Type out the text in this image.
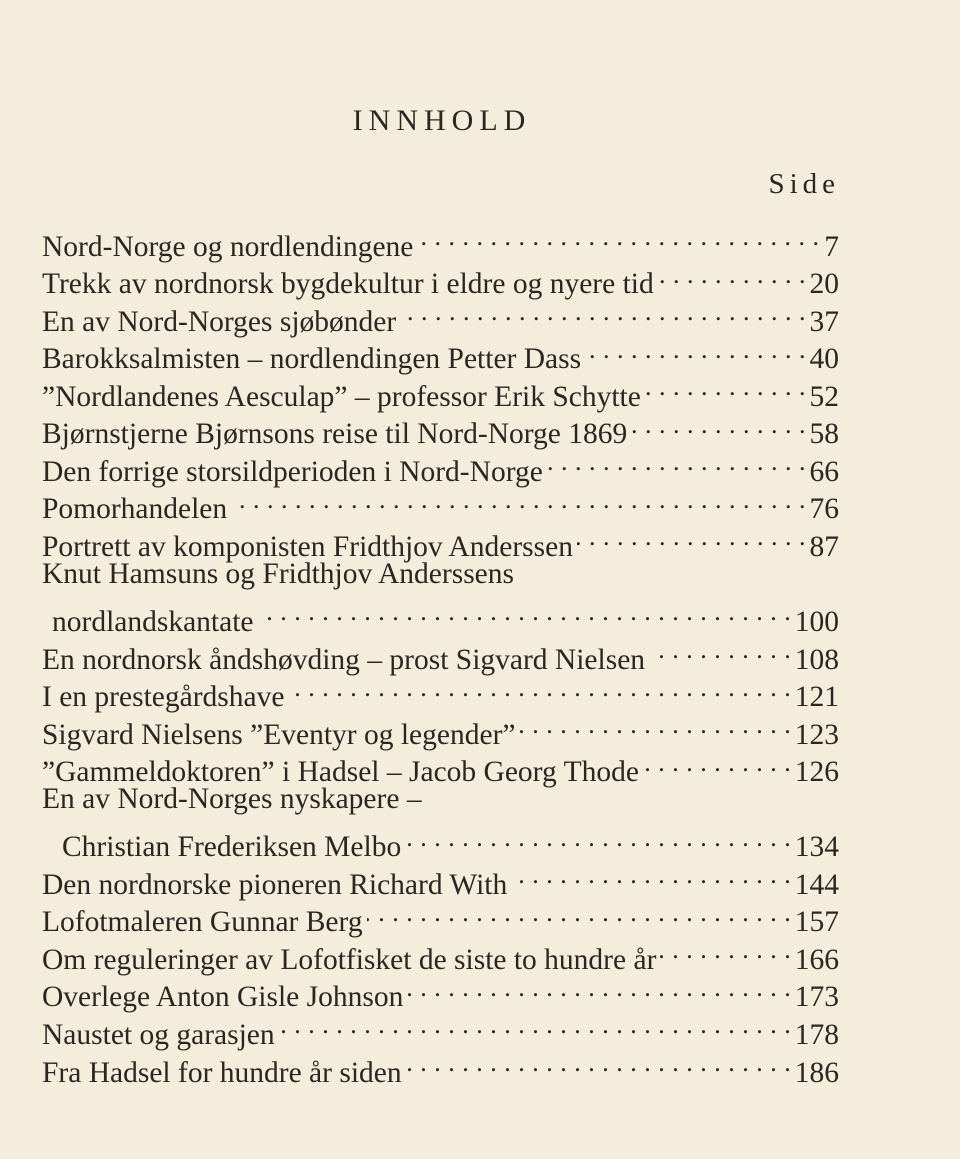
INNHOLD
Side
Nord-Norge og nordlendingene . . .	7
Trekk av nordnorsk bygdekultur i eldre og nyere tid . . .	20
En av Nord-Norges sjøbønder . . .	37
Barokksalmisten – nordlendingen Petter Dass . . .	40
”Nordlandenes Aesculap” – professor Erik Schytte . . .	52
Bjørnstjerne Bjørnsons reise til Nord-Norge 1869 . . .	58
Den forrige storsildperioden i Nord-Norge . . .	66
Pomorhandelen . . .	76
Portrett av komponisten Fridthjov Anderssen . . .	87
Knut Hamsuns og Fridthjov Anderssens
nordlandskantate . . .	100
En nordnorsk åndshøvding – prost Sigvard Nielsen . . .	108
I en prestegårdshave . . .	121
Sigvard Nielsens ”Eventyr og legender” . . .	123
”Gammeldoktoren” i Hadsel – Jacob Georg Thode . . .	126
En av Nord-Norges nyskapere –
Christian Frederiksen Melbo . . .	134
Den nordnorske pioneren Richard With . . .	144
Lofotmaleren Gunnar Berg . . .	157
Om reguleringer av Lofotfisket de siste to hundre år . . .	166
Overlege Anton Gisle Johnson . . .	173
Naustet og garasjen . . .	178
Fra Hadsel for hundre år siden . . .	186
